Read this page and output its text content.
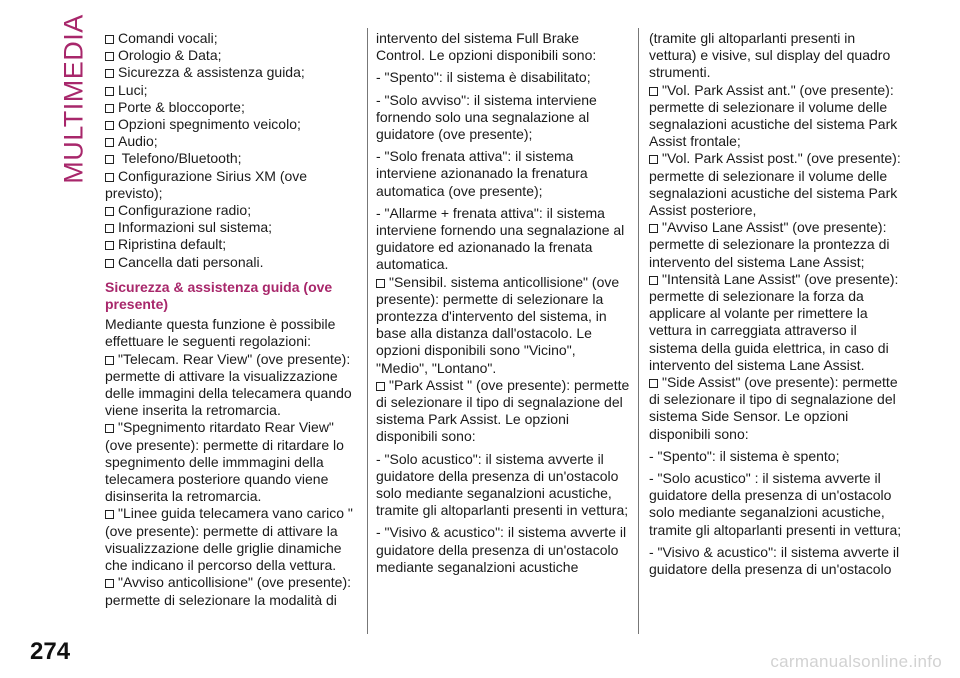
MULTIMEDIA	Comandi vocali;

Orologio & Data;

Sicurezza & assistenza guida;

Luci;

Porte & bloccoporte;

Opzioni spegnimento veicolo;

Audio;

Telefono/Bluetooth;

Configurazione Sirius XM (ove previsto);

Configurazione radio;

Informazioni sul sistema;

Ripristina default;

Cancella dati personali.

Sicurezza & assistenza guida (ove presente)

Mediante questa funzione è possibile effettuare le seguenti regolazioni:

"Telecam. Rear View" (ove presente): permette di attivare la visualizzazione delle immagini della telecamera quando viene inserita la retromarcia.

"Spegnimento ritardato Rear View" (ove presente): permette di ritardare lo spegnimento delle immmagini della telecamera posteriore quando viene disinserita la retromarcia.

"Linee guida telecamera vano carico " (ove presente): permette di attivare la visualizzazione delle griglie dinamiche che indicano il percorso della vettura.

"Avviso anticollisione" (ove presente): permette di selezionare la modalità di

intervento del sistema Full Brake Control. Le opzioni disponibili sono:

- "Spento": il sistema è disabilitato;

- "Solo avviso": il sistema interviene fornendo solo una segnalazione al guidatore (ove presente);

- "Solo frenata attiva": il sistema interviene azionanado la frenatura automatica (ove presente);

- "Allarme + frenata attiva": il sistema interviene fornendo una segnalazione al guidatore ed azionanado la frenata automatica.

"Sensibil. sistema anticollisione" (ove presente): permette di selezionare la prontezza d'intervento del sistema, in base alla distanza dall'ostacolo. Le opzioni disponibili sono "Vicino", "Medio", "Lontano".

"Park Assist " (ove presente): permette di selezionare il tipo di segnalazione del sistema Park Assist. Le opzioni disponibili sono:

- "Solo acustico": il sistema avverte il guidatore della presenza di un'ostacolo solo mediante seganalzioni acustiche, tramite gli altoparlanti presenti in vettura;

- "Visivo & acustico": il sistema avverte il guidatore della presenza di un'ostacolo mediante seganalzioni acustiche

(tramite gli altoparlanti presenti in vettura) e visive, sul display del quadro strumenti.

"Vol. Park Assist ant." (ove presente): permette di selezionare il volume delle segnalazioni acustiche del sistema Park Assist frontale;

"Vol. Park Assist post." (ove presente): permette di selezionare il volume delle segnalazioni acustiche del sistema Park Assist posteriore,

"Avviso Lane Assist" (ove presente): permette di selezionare la prontezza di intervento del sistema Lane Assist;

"Intensità Lane Assist" (ove presente): permette di selezionare la forza da applicare al volante per rimettere la vettura in carreggiata attraverso il sistema della guida elettrica, in caso di intervento del sistema Lane Assist.

"Side Assist" (ove presente): permette di selezionare il tipo di segnalazione del sistema Side Sensor. Le opzioni disponibili sono:

- "Spento": il sistema è spento;

- "Solo acustico" : il sistema avverte il guidatore della presenza di un'ostacolo solo mediante seganalzioni acustiche, tramite gli altoparlanti presenti in vettura;

- "Visivo & acustico": il sistema avverte il guidatore della presenza di un'ostacolo

274	carmanualsonline.info
